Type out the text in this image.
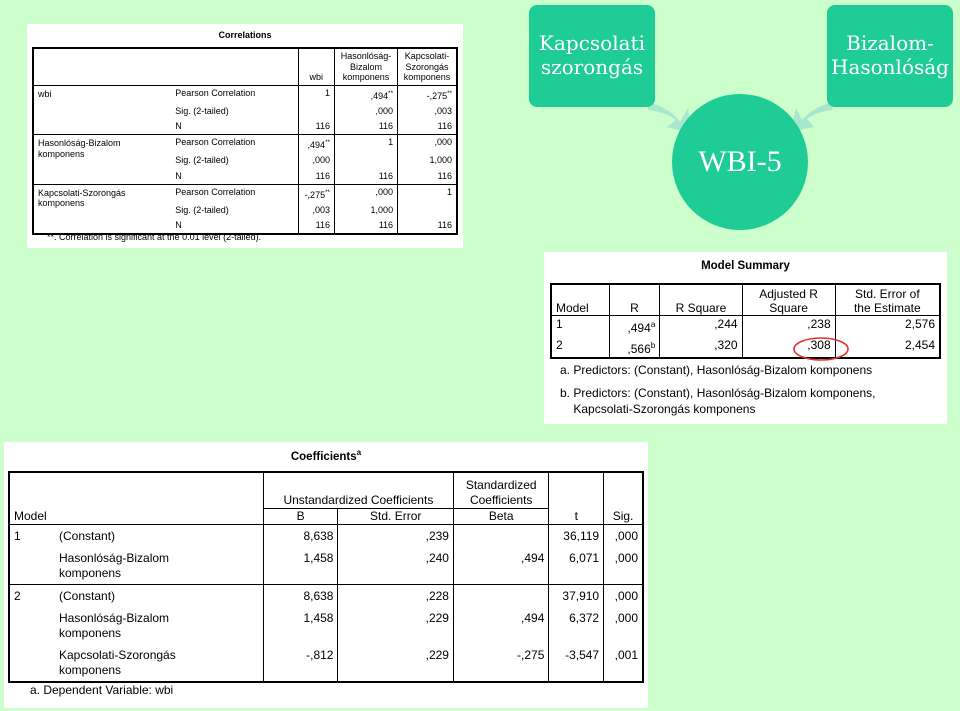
Correlations
		wbi	Hasonlóság-
Bizalom
komponens	Kapcsolati-
Szorongás
komponens
wbi	Pearson Correlation	1	,494**	-,275**
	Sig. (2-tailed)		,000	,003
	N	116	116	116
Hasonlóság-Bizalom
komponens	Pearson Correlation	,494**	1	,000
	Sig. (2-tailed)	,000		1,000
	N	116	116	116
Kapcsolati-Szorongás
komponens	Pearson Correlation	-,275**	,000	1
	Sig. (2-tailed)	,003	1,000	
	N	116	116	116
**. Correlation is significant at the 0.01 level (2-tailed).
Kapcsolati
szorongás
Bizalom-
Hasonlóság
WBI-5
Model Summary
Model	R	R Square	Adjusted R
Square	Std. Error of
the Estimate
1	,494$^a$	,244	,238	2,576
2	,566$^b$	,320	,308	2,454
a. Predictors: (Constant), Hasonlóság-Bizalom komponens
b. Predictors: (Constant), Hasonlóság-Bizalom komponens,
Kapcsolati-Szorongás komponens
Coefficients$^a$
Model		Unstandardized Coefficients		Standardized
Coefficients	t	Sig.
		B	Std. Error	Beta		
1	(Constant)	8,638	,239		36,119	,000
	Hasonlóság-Bizalom
komponens	1,458	,240	,494	6,071	,000
2	(Constant)	8,638	,228		37,910	,000
	Hasonlóság-Bizalom
komponens	1,458	,229	,494	6,372	,000
	Kapcsolati-Szorongás
komponens	-,812	,229	-,275	-3,547	,001
a. Dependent Variable: wbi
